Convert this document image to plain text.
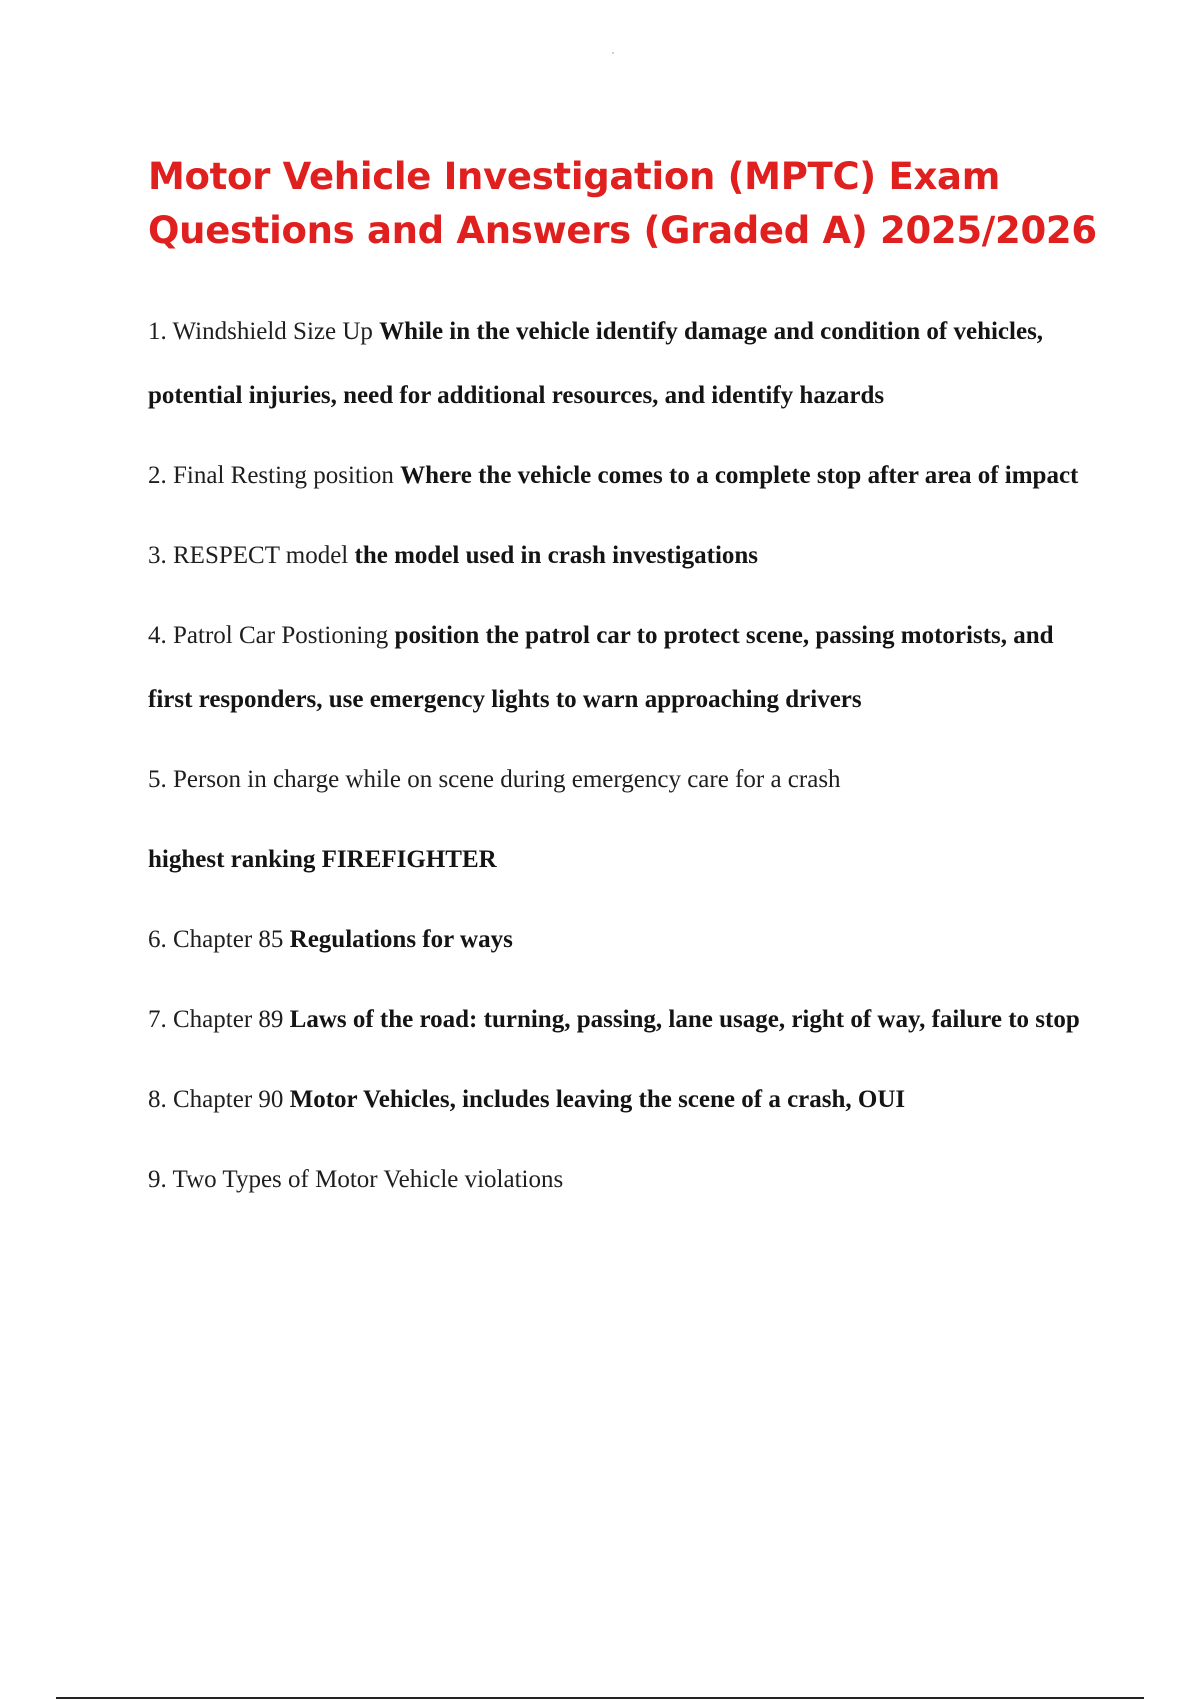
Motor Vehicle Investigation (MPTC) Exam Questions and Answers (Graded A) 2025/2026
1. Windshield Size Up While in the vehicle identify damage and condition of vehicles, potential injuries, need for additional resources, and identify hazards
2. Final Resting position Where the vehicle comes to a complete stop after area of impact
3. RESPECT model the model used in crash investigations
4. Patrol Car Postioning position the patrol car to protect scene, passing motorists, and first responders, use emergency lights to warn approaching drivers
5. Person in charge while on scene during emergency care for a crash
highest ranking FIREFIGHTER
6. Chapter 85 Regulations for ways
7. Chapter 89 Laws of the road: turning, passing, lane usage, right of way, failure to stop
8. Chapter 90 Motor Vehicles, includes leaving the scene of a crash, OUI
9. Two Types of Motor Vehicle violations
